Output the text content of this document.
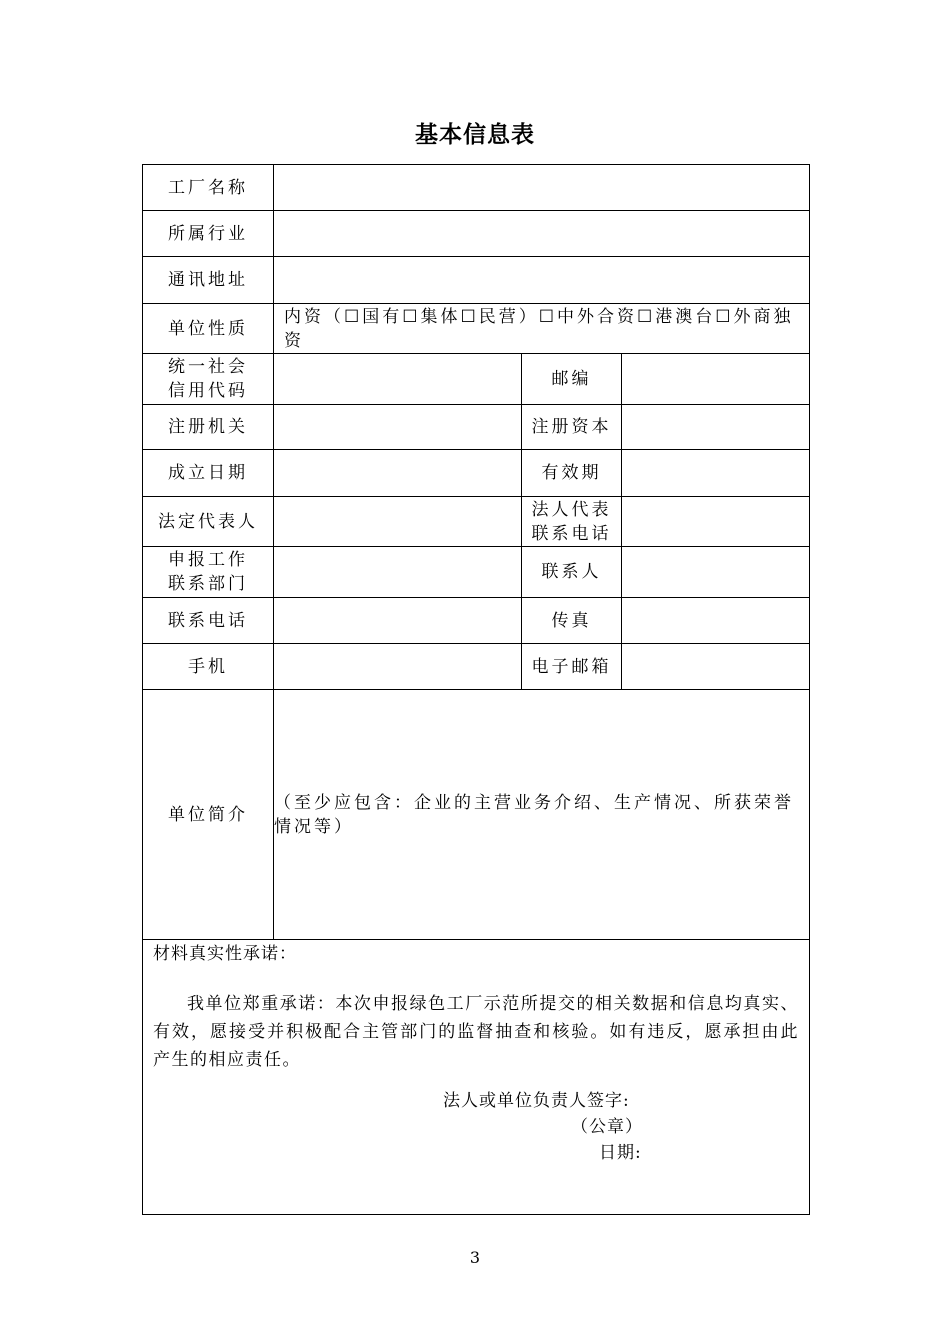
基本信息表
工厂名称			
所属行业			
通讯地址			
单位性质	内资（☐国有☐集体☐民营）☐中外合资☐港澳台☐外商独资		

统一社会
信用代码		邮编	
注册机关		注册资本	
成立日期		有效期	
法定代表人		法人代表
联系电话	

申报工作
联系部门		联系人	
联系电话		传真	
手机		电子邮箱	
单位简介	（至少应包含：企业的主营业务介绍、生产情况、所获荣誉情况等）		

材料真实性承诺：
我单位郑重承诺：本次申报绿色工厂示范所提交的相关数据和信息均真实、有效，愿接受并积极配合主管部门的监督抽查和核验。如有违反，愿承担由此产生的相应责任。
法人或单位负责人签字:
（公章）
日期:			
3
